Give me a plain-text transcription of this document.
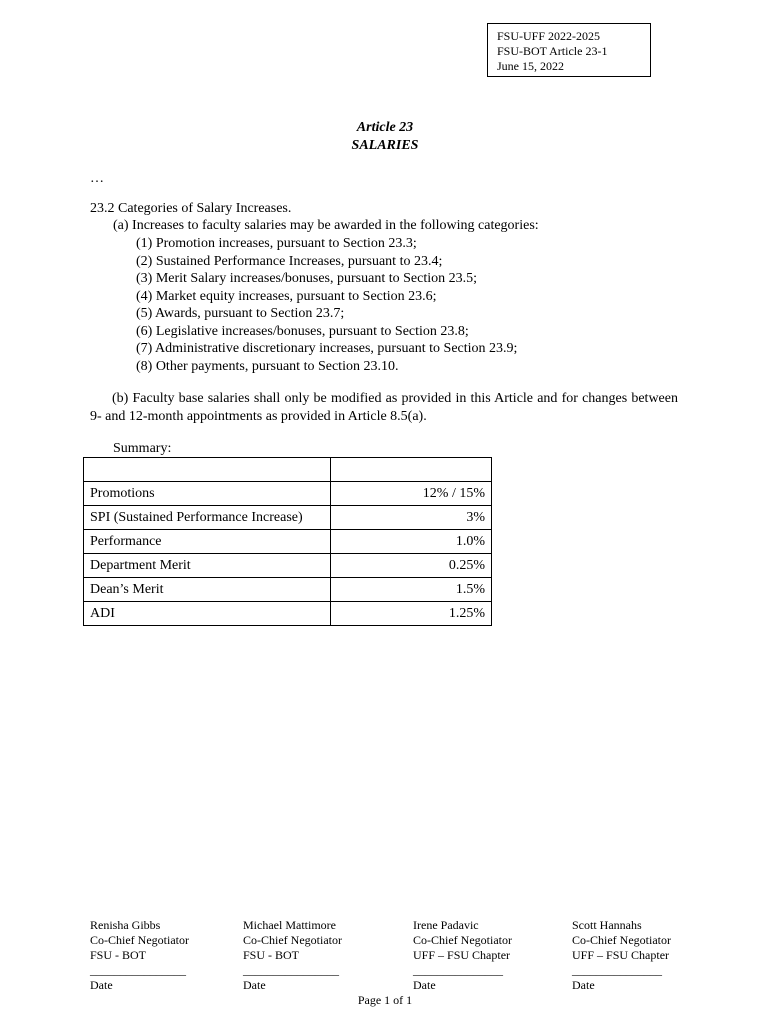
FSU-UFF 2022-2025
FSU-BOT Article 23-1
June 15, 2022
Article 23
SALARIES
…
23.2 Categories of Salary Increases.
(a) Increases to faculty salaries may be awarded in the following categories:
(1) Promotion increases, pursuant to Section 23.3;
(2) Sustained Performance Increases, pursuant to 23.4;
(3) Merit Salary increases/bonuses, pursuant to Section 23.5;
(4) Market equity increases, pursuant to Section 23.6;
(5) Awards, pursuant to Section 23.7;
(6) Legislative increases/bonuses, pursuant to Section 23.8;
(7) Administrative discretionary increases, pursuant to Section 23.9;
(8) Other payments, pursuant to Section 23.10.
(b) Faculty base salaries shall only be modified as provided in this Article and for changes between 9- and 12-month appointments as provided in Article 8.5(a).
Summary:

Promotions	12% / 15%
SPI (Sustained Performance Increase)	3%
Performance	1.0%
Department Merit	0.25%
Dean’s Merit	1.5%
ADI	1.25%
Renisha Gibbs
Co-Chief Negotiator
FSU - BOT
________________
Date
Michael Mattimore
Co-Chief Negotiator
FSU - BOT
________________
Date
Irene Padavic
Co-Chief Negotiator
UFF – FSU Chapter
_______________
Date
Scott Hannahs
Co-Chief Negotiator
UFF – FSU Chapter
_______________
Date
Page 1 of 1
